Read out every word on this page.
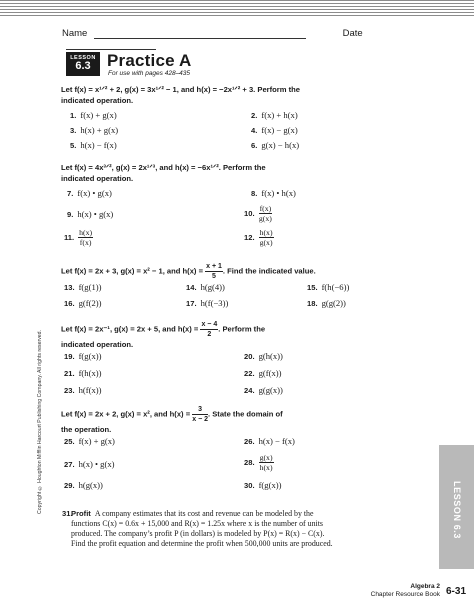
Name	Date
LESSON
6.3 Practice A
For use with pages 428–435
Let f(x) = x¹ᐟ² + 2, g(x) = 3x¹ᐟ² − 1, and h(x) = −2x¹ᐟ² + 3. Perform the
indicated operation.
1. f(x) + g(x)	2. f(x) + h(x)
3. h(x) + g(x)	4. f(x) − g(x)
5. h(x) − f(x)	6. g(x) − h(x)
Let f(x) = 4x³ᐟ², g(x) = 2x¹ᐟ³, and h(x) = −6x¹ᐟ². Perform the
indicated operation.
7. f(x) • g(x)	8. f(x) • h(x)
9. h(x) • g(x)	10. $\frac{f(x)}{g(x)}$
11. $\frac{h(x)}{f(x)}$	12. $\frac{h(x)}{g(x)}$
Let f(x) = 2x + 3, g(x) = x² − 1, and $h(x) = \frac{x + 1}{5}$ . Find the indicated value.
13. f(g(1))	14. h(g(4))	15. f(h(−6))
16. g(f(2))	17. h(f(−3))	18. g(g(2))
Let f(x) = 2x⁻¹, g(x) = 2x + 5, and $h(x) = \frac{x - 4}{2}$ . Perform the
indicated operation.
19. f(g(x))	20. g(h(x))
21. f(h(x))	22. g(f(x))
23. h(f(x))	24. g(g(x))
Let f(x) = 2x + 2, g(x) = x², and $h(x) = \frac{3}{x - 2}$ . State the domain of
the operation.
25. f(x) + g(x)	26. h(x) − f(x)
27. h(x) • g(x)	28. $\frac{g(x)}{h(x)}$
29. h(g(x))	30. f(g(x))
31.
Profit A company estimates that its cost and revenue can be modeled by the
functions C(x) = 0.6x + 15,000 and R(x) = 1.25x where x is the number of units
produced. The company’s profit P (in dollars) is modeled by P(x) = R(x) − C(x).
Find the profit equation and determine the profit when 500,000 units are produced.
LESSON 6.3
Copyright © Houghton Mifflin Harcourt Publishing Company. All rights reserved.
Algebra 2
Chapter Resource Book 6-31
